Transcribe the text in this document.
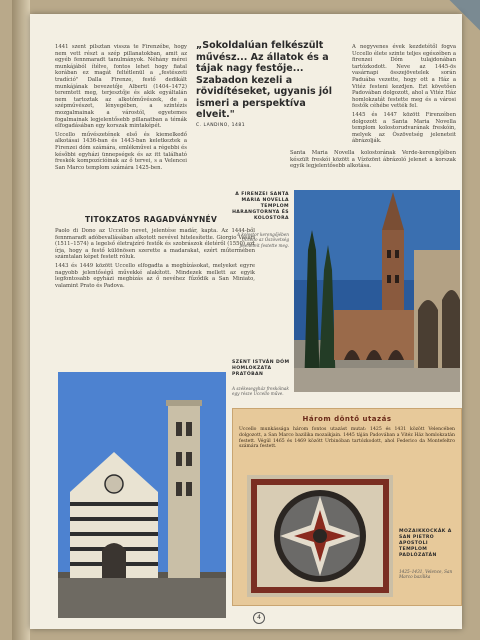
1441 szent pilsztan vissza te Firenzébe, hogy nem vett részt a szép pillanatokban, amit az egyéb fennmaradt tanulmányok. Néhány mérei munkájából ítélve, fontos lehet hogy fiatal korában ez magát feltétlenül a „festészeti tradíció" Dalla Firenze, festő dedikált munkájának bevezetője Alberti (1404–1472) teremtett meg, terjesztője és akik egyáltalán nem tartoztak az alkotóművészek, de a szépművészet, lényegében, a szintézis mozgalmainak a várostól, egyetemes fogalmainak legjelentősebb pillanatban a témák elfogadásában egy korszak mintaképét.

Uccello művészetének első és kiemelkedő alkotásai 1436-ban és 1443-ban keletkeztek a Firenzei dóm számára, emlékművei a régebbi és későbbi egyházi ünnepségek és az itt található freskók kompozícióinak az ő tervei, s a Velencei San Marco templom számára 1425-ben.

„Sokoldalúan felkészült művész... Az állatok és a tájak nagy festője... Szabadon kezeli a rövidítéseket, ugyanis jól ismeri a perspektíva elveit."
C. LANDINO, 1481

A negyvenes évek kezdetétől fogva Uccello élete szinte teljes egészében a firenzei Dóm tulajdonában tartózkodott. Neve az 1445-ös vasárnapi összejövetelek során Paduába vezette, hogy ott a Ház a Vitéz festeni kezdjen. Ezt követően Padovában dolgozott, ahol a Vitéz Ház homlokzatát festette meg és a városi festők céhébe vették fel.

1445 és 1447 között Firenzében dolgozott a Santa Maria Novella templom kolostorudvarának freskóin, melyek az Ószövetség jeleneteit ábrázolják.

Santa Maria Novella kolostorának Verde-kerengőjében készült freskói között a Vízözönt ábrázoló jelenet a korszak egyik legjelentősebb alkotása.

TITOKZATOS RAGADVÁNYNÉV

Paolo di Dono az Uccello nevet, jelentése madár, kapta. Az 1444-ből fennmaradt adóbevallásában alkotott nevével hitelesítette. Giorgio Vasari (1511–1574) a legelső életrajzíró festők és szobrászok életéről (1550) azt írja, hogy a festő különösen szerette a madarakat, ezért műtermében számtalan képet festett róluk.

1443 és 1449 között Uccello elfogadta a megbízásokat, melyeket egyre nagyobb jelentőségű művekké alakított. Mindezek mellett az egyik legfontosabb egyházi megbízás az ő nevéhez fűződik a San Miniato, valamint Prato és Padova.

A FIRENZEI SANTA MARIA NOVELLA TEMPLOM HARANGTORNYA ÉS KOLOSTORA
A kolostor kerengőjében Uccello az Ószövetség jeleneteit festette meg.
SZENT ISTVÁN DÓM HOMLOKZATA PRATÓBAN
A székesegyház freskóinak egy része Uccello műve.
Három döntő utazás
Uccello munkássága három fontos utazást mutat: 1425 és 1431 között Velencében dolgozott, a San Marco bazilika mozaikjain. 1445 táján Padovában a Vitéz Ház homlokzatán festett. Végül 1465 és 1469 között Urbinóban tartózkodott, ahol Federico da Montefeltro számára festett.
MOZAIKKOCKÁK A SAN PIETRO APOSTOLI TEMPLOM PADLÓZATÁN
1425–1431, Velence, San Marco bazilika
4
